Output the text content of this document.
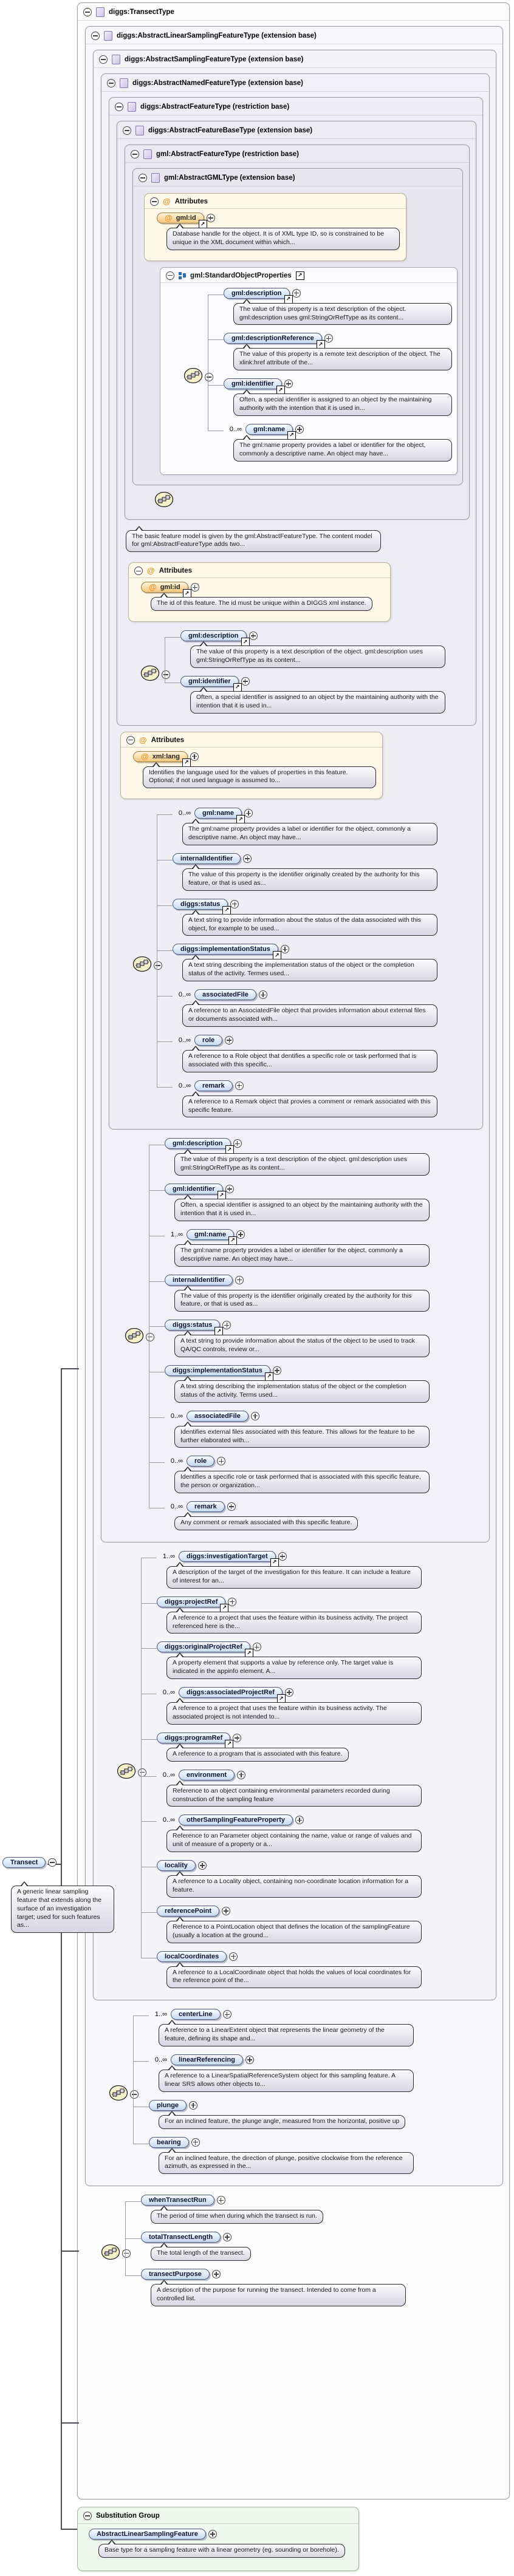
Transect
A generic linear sampling feature that extends along the surface of an investigation target; used for such features as...
diggs:TransectType
diggs:AbstractLinearSamplingFeatureType (extension base)
diggs:AbstractSamplingFeatureType (extension base)
diggs:AbstractNamedFeatureType (extension base)
diggs:AbstractFeatureType (restriction base)
diggs:AbstractFeatureBaseType (extension base)
gml:AbstractFeatureType (restriction base)
gml:AbstractGMLType (extension base)
@ Attributes
@ gml:id
↗
Database handle for the object. It is of XML type ID, so is constrained to be unique in the XML document within which...
gml:StandardObjectProperties	↗
gml:description
↗
The value of this property is a text description of the object. gml:description uses gml:StringOrRefType as its content...
gml:descriptionReference
↗
The value of this property is a remote text description of the object. The xlink:href attribute of the...
gml:identifier
↗
Often, a special identifier is assigned to an object by the maintaining authority with the intention that it is used in...
0..∞ gml:name
↗
The gml:name property provides a label or identifier for the object, commonly a descriptive name. An object may have...
The basic feature model is given by the gml:AbstractFeatureType. The content model for gml:AbstractFeatureType adds two...
@ Attributes
@ gml:id
↗
The id of this feature. The id must be unique within a DIGGS xml instance.
gml:description
↗
The value of this property is a text description of the object. gml:description uses gml:StringOrRefType as its content...
gml:identifier
↗
Often, a special identifier is assigned to an object by the maintaining authority with the intention that it is used in...
@ Attributes
@ xml:lang
↗
Identifies the language used for the values of properties in this feature. Optional; if not used language is assumed to...
0..∞ gml:name
↗
The gml:name property provides a label or identifier for the object, commonly a descriptive name. An object may have...
internalIdentifier
The value of this property is the identifier originally created by the authority for this feature, or that is used as...
diggs:status
↗
A text string to provide information about the status of the data associated with this object, for example to be used...
diggs:implementationStatus
↗
A text string describing the implementation status of the object or the completion status of the activity. Termes used...
0..∞ associatedFile
A reference to an AssociatedFile object that provides information about external files or documents associated with...
0..∞ role
A reference to a Role object that dentifies a specific role or task performed that is associated with this specific...
0..∞ remark
A reference to a Remark object that provies a comment or remark associated with this specific feature.
gml:description
↗
The value of this property is a text description of the object. gml:description uses gml:StringOrRefType as its content...
gml:identifier
↗
Often, a special identifier is assigned to an object by the maintaining authority with the intention that it is used in...
1..∞ gml:name
↗
The gml:name property provides a label or identifier for the object, commonly a descriptive name. An object may have...
internalIdentifier
The value of this property is the identifier originally created by the authority for this feature, or that is used as...
diggs:status
↗
A text string to provide information about the status of the object to be used to track QA/QC controls, review or...
diggs:implementationStatus
↗
A text string describing the implementation status of the object or the completion status of the activity. Terms used...
0..∞ associatedFile
Identifies external files associated with this feature. This allows for the feature to be further elaborated with...
0..∞ role
Identifies a specific role or task performed that is associated with this specific feature, the person or organization...
0..∞ remark
Any comment or remark associated with this specific feature.
1..∞ diggs:investigationTarget
↗
A description of the target of the investigation for this feature. It can include a feature of interest for an...
diggs:projectRef
↗
A reference to a project that uses the feature within its business activity. The project referenced here is the...
diggs:originalProjectRef
↗
A property element that supports a value by reference only. The target value is indicated in the appinfo element. A...
0..∞ diggs:associatedProjectRef
↗
A reference to a project that uses the feature within its business activity. The associated project is not intended to...
diggs:programRef
↗
A reference to a program that is associated with this feature.
0..∞ environment
Reference to an object containing environmental parameters recorded during construction of the sampling feature
0..∞ otherSamplingFeatureProperty
Reference to an Parameter object containing the name, value or range of values and unit of measure of a property or a...
locality
A reference to a Locality object, containing non-coordinate location information for a feature.
referencePoint
Reference to a PointLocation object that defines the location of the samplingFeature (usually a location at the ground...
localCoordinates
A reference to a LocalCoordinate object that holds the values of local coordinates for the reference point of the...
1..∞ centerLine
A reference to a LinearExtent object that represents the linear geometry of the feature, defining its shape and...
0..∞ linearReferencing
A reference to a LinearSpatialReferenceSystem object for this sampling feature. A linear SRS allows other objects to...
plunge
For an inclined feature, the plunge angle, measured from the horizontal, positive up
bearing
For an inclined feature, the direction of plunge, positive clockwise from the reference azimuth, as expressed in the...
whenTransectRun
The period of time when during which the transect is run.
totalTransectLength
The total length of the transect.
transectPurpose
A description of the purpose for running the transect. Intended to come from a controlled list.
Substitution Group
AbstractLinearSamplingFeature
Base type for a sampling feature with a linear geometry (eg. sounding or borehole).
